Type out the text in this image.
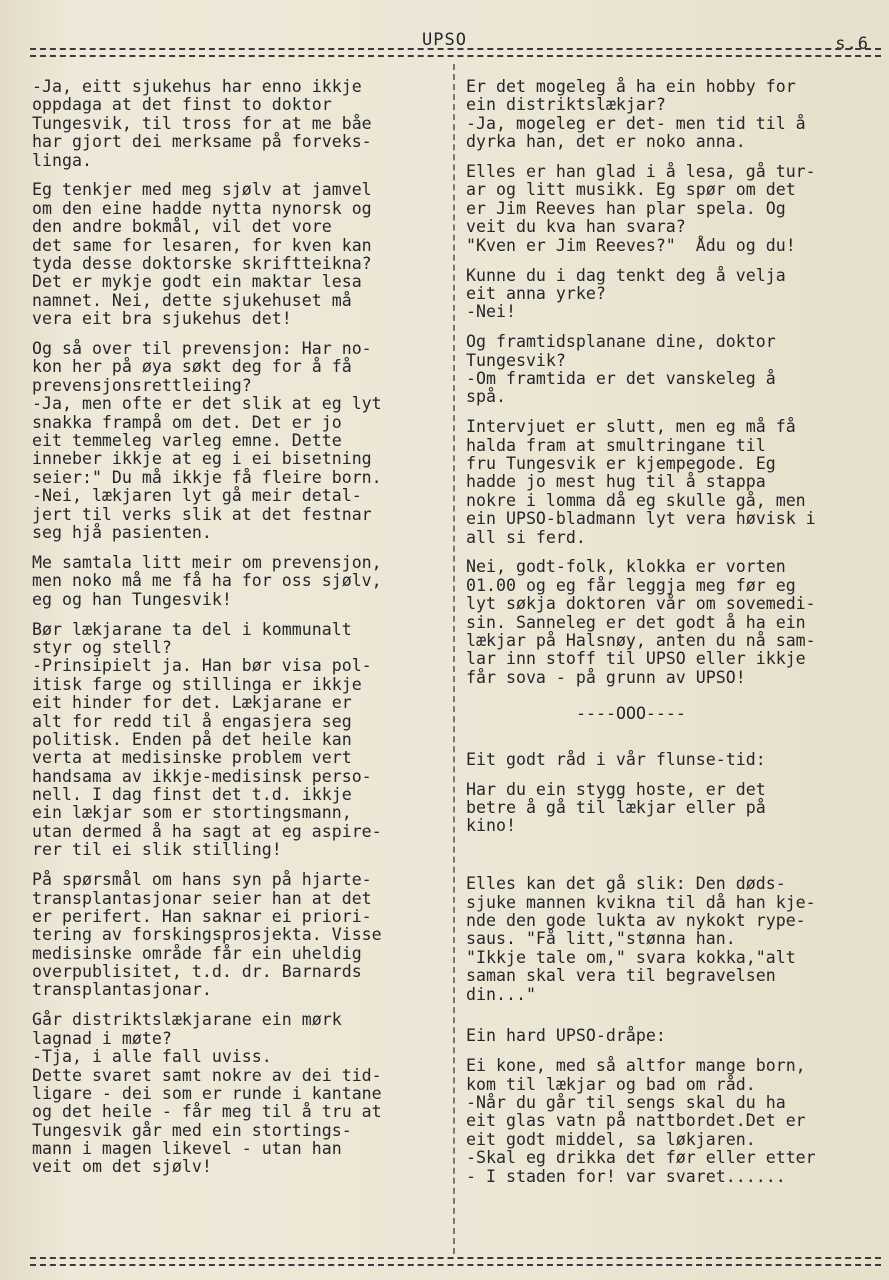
UPSO	s.6
-Ja, eitt sjukehus har enno ikkje
oppdaga at det finst to doktor
Tungesvik, til tross for at me båe
har gjort dei merksame på forveks-
linga.
Eg tenkjer med meg sjølv at jamvel
om den eine hadde nytta nynorsk og
den andre bokmål, vil det vore
det same for lesaren, for kven kan
tyda desse doktorske skriftteikna?
Det er mykje godt ein maktar lesa
namnet. Nei, dette sjukehuset må
vera eit bra sjukehus det!
Og så over til prevensjon: Har no-
kon her på øya søkt deg for å få
prevensjonsrettleiing?
-Ja, men ofte er det slik at eg lyt
snakka frampå om det. Det er jo
eit temmeleg varleg emne. Dette
inneber ikkje at eg i ei bisetning
seier:" Du må ikkje få fleire born.
-Nei, lækjaren lyt gå meir detal-
jert til verks slik at det festnar
seg hjå pasienten.
Me samtala litt meir om prevensjon,
men noko må me få ha for oss sjølv,
eg og han Tungesvik!
Bør lækjarane ta del i kommunalt
styr og stell?
-Prinsipielt ja. Han bør visa pol-
itisk farge og stillinga er ikkje
eit hinder for det. Lækjarane er
alt for redd til å engasjera seg
politisk. Enden på det heile kan
verta at medisinske problem vert
handsama av ikkje-medisinsk perso-
nell. I dag finst det t.d. ikkje
ein lækjar som er stortingsmann,
utan dermed å ha sagt at eg aspire-
rer til ei slik stilling!
På spørsmål om hans syn på hjarte-
transplantasjonar seier han at det
er perifert. Han saknar ei priori-
tering av forskingsprosjekta. Visse
medisinske område får ein uheldig
overpublisitet, t.d. dr. Barnards
transplantasjonar.
Går distriktslækjarane ein mørk
lagnad i møte?
-Tja, i alle fall uviss.
Dette svaret samt nokre av dei tid-
ligare - dei som er runde i kantane
og det heile - får meg til å tru at
Tungesvik går med ein stortings-
mann i magen likevel - utan han
veit om det sjølv!
Er det mogeleg å ha ein hobby for
ein distriktslækjar?
-Ja, mogeleg er det- men tid til å
dyrka han, det er noko anna.
Elles er han glad i å lesa, gå tur-
ar og litt musikk. Eg spør om det
er Jim Reeves han plar spela. Og
veit du kva han svara?
"Kven er Jim Reeves?"  Ådu og du!
Kunne du i dag tenkt deg å velja
eit anna yrke?
-Nei!
Og framtidsplanane dine, doktor
Tungesvik?
-Om framtida er det vanskeleg å
spå.
Intervjuet er slutt, men eg må få
halda fram at smultringane til
fru Tungesvik er kjempegode. Eg
hadde jo mest hug til å stappa
nokre i lomma då eg skulle gå, men
ein UPSO-bladmann lyt vera høvisk i
all si ferd.
Nei, godt-folk, klokka er vorten
01.00 og eg får leggja meg før eg
lyt søkja doktoren vår om sovemedi-
sin. Sanneleg er det godt å ha ein
lækjar på Halsnøy, anten du nå sam-
lar inn stoff til UPSO eller ikkje
får sova - på grunn av UPSO!
----OOO----
Eit godt råd i vår flunse-tid:
Har du ein stygg hoste, er det
betre å gå til lækjar eller på
kino!
Elles kan det gå slik: Den døds-
sjuke mannen kvikna til då han kje-
nde den gode lukta av nykokt rype-
saus. "Få litt,"stønna han.
"Ikkje tale om," svara kokka,"alt
saman skal vera til begravelsen
din..."
Ein hard UPSO-dråpe:
Ei kone, med så altfor mange born,
kom til lækjar og bad om råd.
-Når du går til sengs skal du ha
eit glas vatn på nattbordet.Det er
eit godt middel, sa løkjaren.
-Skal eg drikka det før eller etter
- I staden for! var svaret......
